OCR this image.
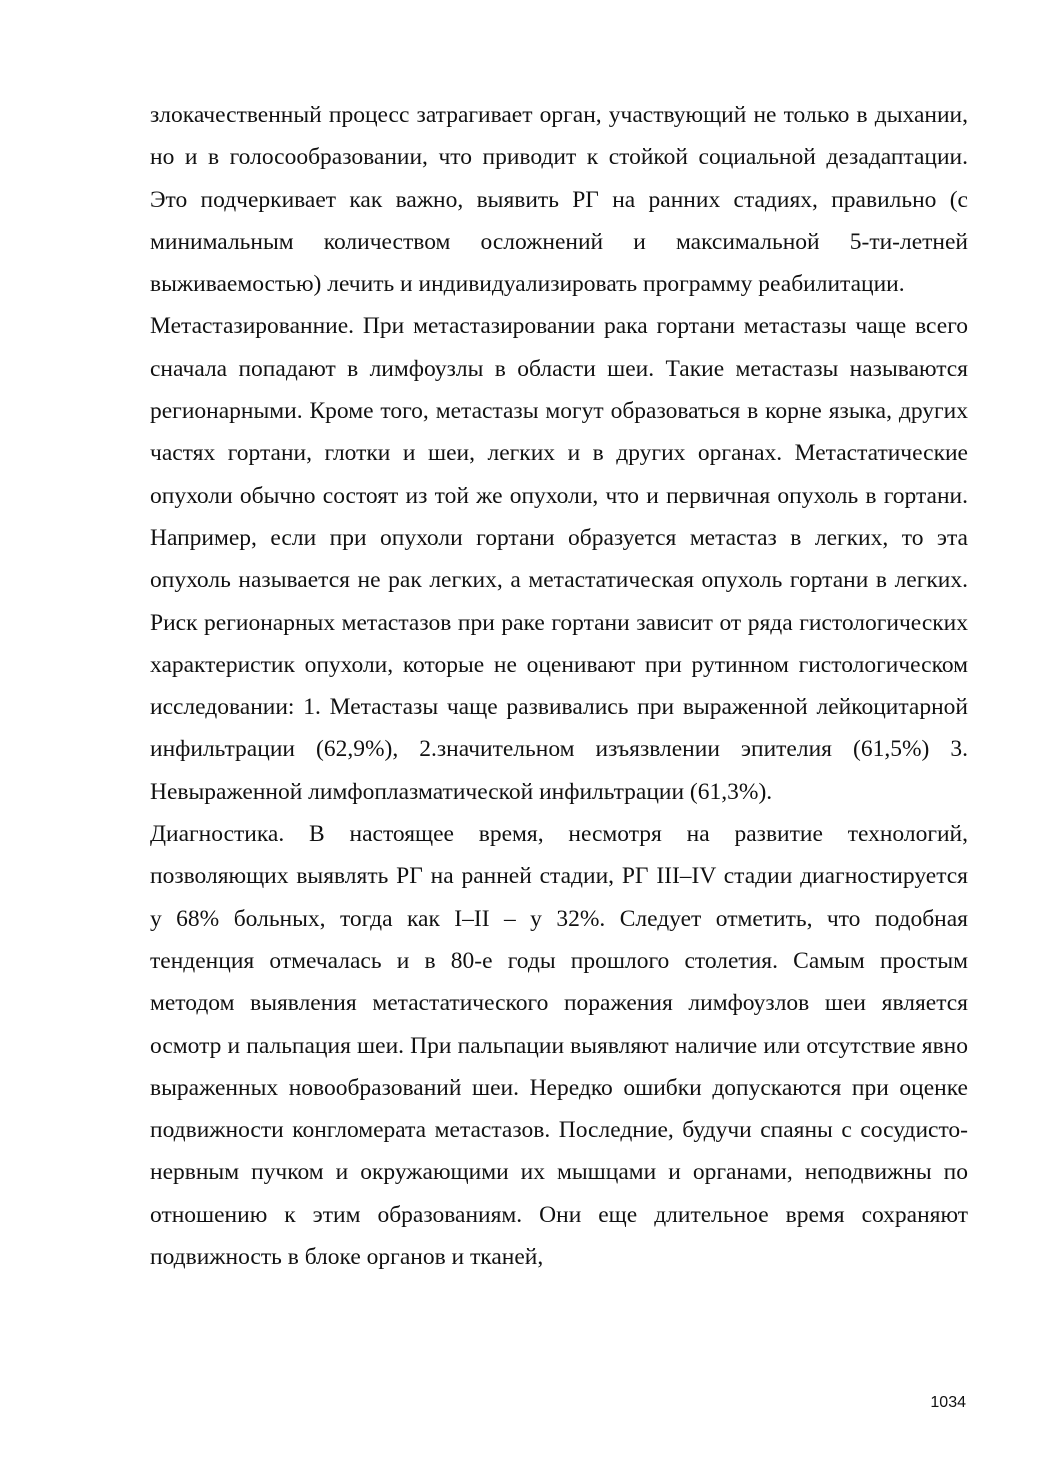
злокачественный процесс затрагивает орган, участвующий не только в дыхании, но и в голосообразовании, что приводит к стойкой социальной дезадаптации. Это подчеркивает как важно, выявить РГ на ранних стадиях, правильно (с минимальным количеством осложнений и максимальной 5-ти-летней выживаемостью) лечить и индивидуализировать программу реабилитации.

Метастазированние. При метастазировании рака гортани метастазы чаще всего сначала попадают в лимфоузлы в области шеи. Такие метастазы называются регионарными. Кроме того, метастазы могут образоваться в корне языка, других частях гортани, глотки и шеи, легких и в других органах. Метастатические опухоли обычно состоят из той же опухоли, что и первичная опухоль в гортани. Например, если при опухоли гортани образуется метастаз в легких, то эта опухоль называется не рак легких, а метастатическая опухоль гортани в легких. Риск регионарных метастазов при раке гортани зависит от ряда гистологических характеристик опухоли, которые не оценивают при рутинном гистологическом исследовании: 1. Метастазы чаще развивались при выраженной лейкоцитарной инфильтрации (62,9%), 2.значительном изъязвлении эпителия (61,5%) 3. Невыраженной лимфоплазматической инфильтрации (61,3%).

Диагностика. В настоящее время, несмотря на развитие технологий, позволяющих выявлять РГ на ранней стадии, РГ III–IV стадии диагностируется у 68% больных, тогда как I–II – у 32%. Следует отметить, что подобная тенденция отмечалась и в 80-е годы прошлого столетия. Самым простым методом выявления метастатического поражения лимфоузлов шеи является осмотр и пальпация шеи. При пальпации выявляют наличие или отсутствие явно выраженных новообразований шеи. Нередко ошибки допускаются при оценке подвижности конгломерата метастазов. Последние, будучи спаяны с сосудисто-нервным пучком и окружающими их мышцами и органами, неподвижны по отношению к этим образованиям. Они еще длительное время сохраняют подвижность в блоке органов и тканей,

1034
